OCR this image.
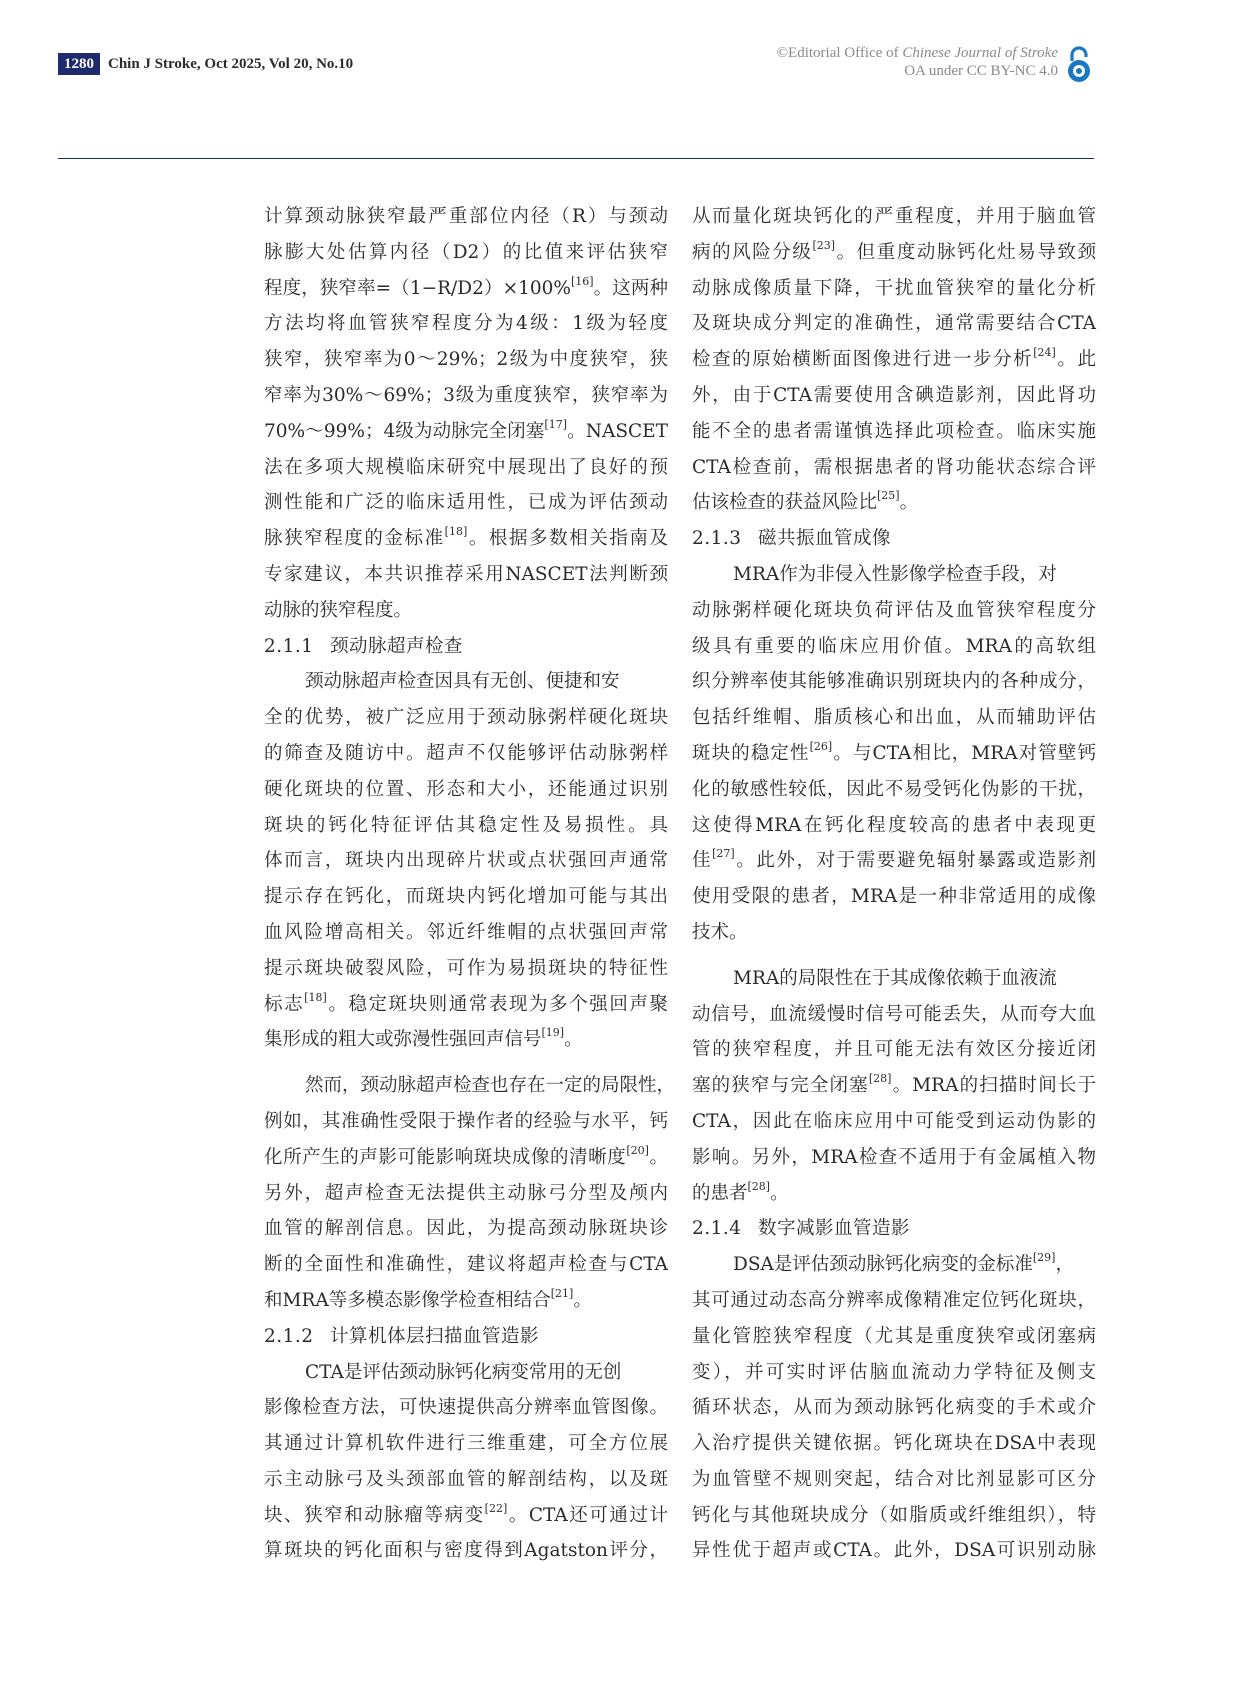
1280 Chin J Stroke, Oct 2025, Vol 20, No.10
©Editorial Office of Chinese Journal of Stroke
OA under CC BY-NC 4.0
计算颈动脉狭窄最严重部位内径（R）与颈动
脉膨大处估算内径（D2）的比值来评估狭窄
程度，狭窄率=（1−R/D2）×100%[16]。这两种
方法均将血管狭窄程度分为4级：1级为轻度
狭窄，狭窄率为0～29%；2级为中度狭窄，狭
窄率为30%～69%；3级为重度狭窄，狭窄率为
70%～99%；4级为动脉完全闭塞[17]。NASCET
法在多项大规模临床研究中展现出了良好的预
测性能和广泛的临床适用性，已成为评估颈动
脉狭窄程度的金标准[18]。根据多数相关指南及
专家建议，本共识推荐采用NASCET法判断颈
动脉的狭窄程度。
2.1.1 颈动脉超声检查
颈动脉超声检查因具有无创、便捷和安
全的优势，被广泛应用于颈动脉粥样硬化斑块
的筛查及随访中。超声不仅能够评估动脉粥样
硬化斑块的位置、形态和大小，还能通过识别
斑块的钙化特征评估其稳定性及易损性。具
体而言，斑块内出现碎片状或点状强回声通常
提示存在钙化，而斑块内钙化增加可能与其出
血风险增高相关。邻近纤维帽的点状强回声常
提示斑块破裂风险，可作为易损斑块的特征性
标志[18]。稳定斑块则通常表现为多个强回声聚
集形成的粗大或弥漫性强回声信号[19]。
然而，颈动脉超声检查也存在一定的局限性，
例如，其准确性受限于操作者的经验与水平，钙
化所产生的声影可能影响斑块成像的清晰度[20]。
另外，超声检查无法提供主动脉弓分型及颅内
血管的解剖信息。因此，为提高颈动脉斑块诊
断的全面性和准确性，建议将超声检查与CTA
和MRA等多模态影像学检查相结合[21]。
2.1.2 计算机体层扫描血管造影
CTA是评估颈动脉钙化病变常用的无创
影像检查方法，可快速提供高分辨率血管图像。
其通过计算机软件进行三维重建，可全方位展
示主动脉弓及头颈部血管的解剖结构，以及斑
块、狭窄和动脉瘤等病变[22]。CTA还可通过计
算斑块的钙化面积与密度得到Agatston评分，
从而量化斑块钙化的严重程度，并用于脑血管
病的风险分级[23]。但重度动脉钙化灶易导致颈
动脉成像质量下降，干扰血管狭窄的量化分析
及斑块成分判定的准确性，通常需要结合CTA
检查的原始横断面图像进行进一步分析[24]。此
外，由于CTA需要使用含碘造影剂，因此肾功
能不全的患者需谨慎选择此项检查。临床实施
CTA检查前，需根据患者的肾功能状态综合评
估该检查的获益风险比[25]。
2.1.3 磁共振血管成像
MRA作为非侵入性影像学检查手段，对
动脉粥样硬化斑块负荷评估及血管狭窄程度分
级具有重要的临床应用价值。MRA的高软组
织分辨率使其能够准确识别斑块内的各种成分，
包括纤维帽、脂质核心和出血，从而辅助评估
斑块的稳定性[26]。与CTA相比，MRA对管壁钙
化的敏感性较低，因此不易受钙化伪影的干扰，
这使得MRA在钙化程度较高的患者中表现更
佳[27]。此外，对于需要避免辐射暴露或造影剂
使用受限的患者，MRA是一种非常适用的成像
技术。
MRA的局限性在于其成像依赖于血液流
动信号，血流缓慢时信号可能丢失，从而夸大血
管的狭窄程度，并且可能无法有效区分接近闭
塞的狭窄与完全闭塞[28]。MRA的扫描时间长于
CTA，因此在临床应用中可能受到运动伪影的
影响。另外，MRA检查不适用于有金属植入物
的患者[28]。
2.1.4 数字减影血管造影
DSA是评估颈动脉钙化病变的金标准[29]，
其可通过动态高分辨率成像精准定位钙化斑块，
量化管腔狭窄程度（尤其是重度狭窄或闭塞病
变），并可实时评估脑血流动力学特征及侧支
循环状态，从而为颈动脉钙化病变的手术或介
入治疗提供关键依据。钙化斑块在DSA中表现
为血管壁不规则突起，结合对比剂显影可区分
钙化与其他斑块成分（如脂质或纤维组织），特
异性优于超声或CTA。此外，DSA可识别动脉
